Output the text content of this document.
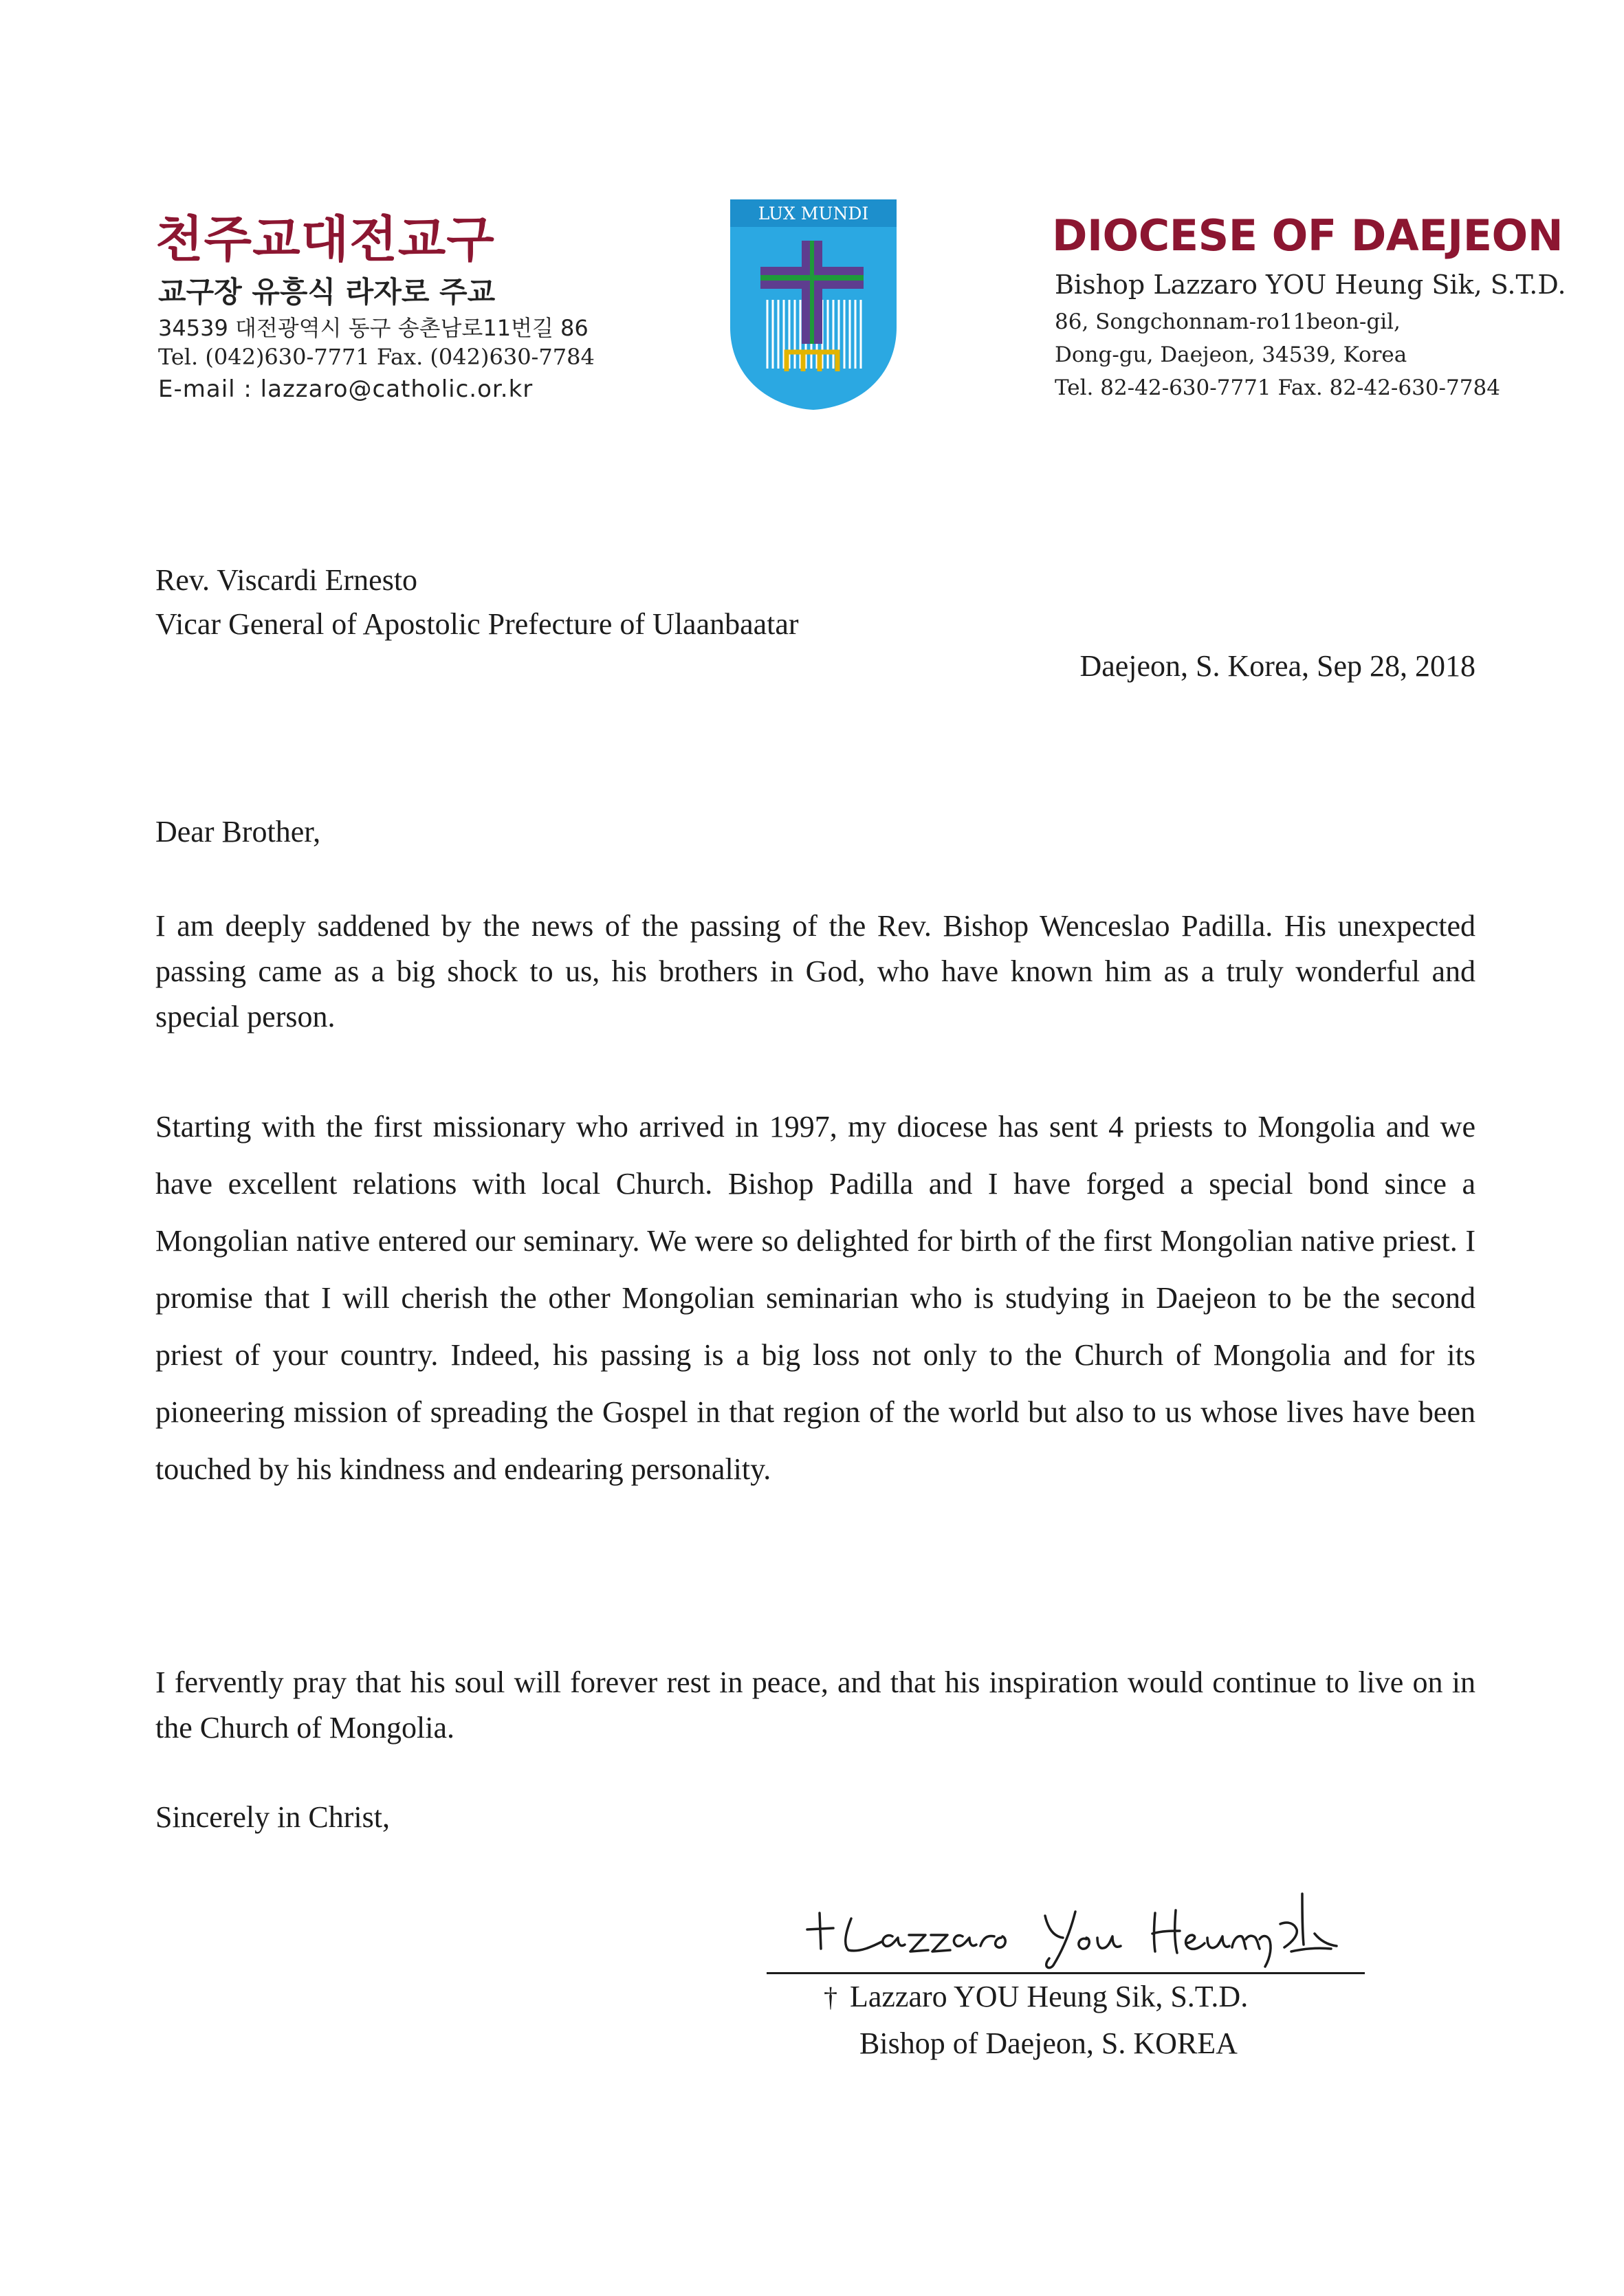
천주교대전교구
교구장 유흥식 라자로 주교
34539 대전광역시 동구 송촌남로11번길 86
Tel. (042)630-7771 Fax. (042)630-7784
E-mail : lazzaro@catholic.or.kr
LUX MUNDI	DIOCESE OF DAEJEON
Bishop Lazzaro YOU Heung Sik, S.T.D.
86, Songchonnam-ro11beon-gil,
Dong-gu, Daejeon, 34539, Korea
Tel. 82-42-630-7771 Fax. 82-42-630-7784
Rev. Viscardi Ernesto
Vicar General of Apostolic Prefecture of Ulaanbaatar
Daejeon, S. Korea, Sep 28, 2018
Dear Brother,
I am deeply saddened by the news of the passing of the Rev. Bishop Wenceslao Padilla. His unexpected passing came as a big shock to us, his brothers in God, who have known him as a truly wonderful and special person.
Starting with the first missionary who arrived in 1997, my diocese has sent 4 priests to Mongolia and we have excellent relations with local Church. Bishop Padilla and I have forged a special bond since a Mongolian native entered our seminary. We were so delighted for birth of the first Mongolian native priest. I promise that I will cherish the other Mongolian seminarian who is studying in Daejeon to be the second priest of your country. Indeed, his passing is a big loss not only to the Church of Mongolia and for its pioneering mission of spreading the Gospel in that region of the world but also to us whose lives have been touched by his kindness and endearing personality.
I fervently pray that his soul will forever rest in peace, and that his inspiration would continue to live on in the Church of Mongolia.
Sincerely in Christ,
† Lazzaro YOU Heung Sik, S.T.D.
Bishop of Daejeon, S. KOREA
